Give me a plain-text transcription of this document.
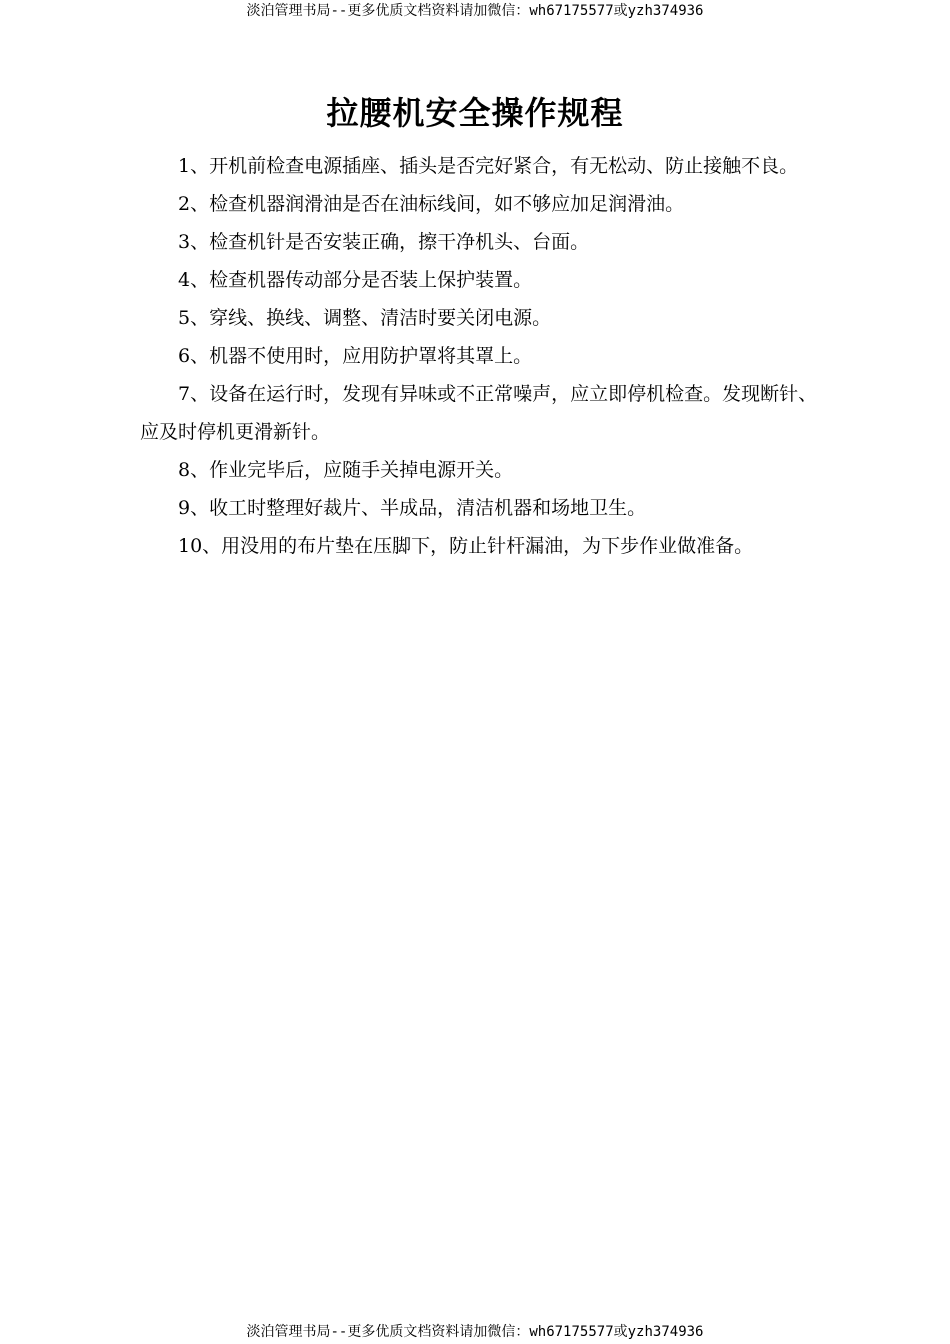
淡泊管理书局--更多优质文档资料请加微信：wh67175577或yzh374936
拉腰机安全操作规程

1、开机前检查电源插座、插头是否完好紧合，有无松动、防止接触不良。

2、检查机器润滑油是否在油标线间，如不够应加足润滑油。

3、检查机针是否安装正确，擦干净机头、台面。

4、检查机器传动部分是否装上保护装置。

5、穿线、换线、调整、清洁时要关闭电源。

6、机器不使用时，应用防护罩将其罩上。

7、设备在运行时，发现有异味或不正常噪声，应立即停机检查。发现断针、 应及时停机更滑新针。

8、作业完毕后，应随手关掉电源开关。

9、收工时整理好裁片、半成品，清洁机器和场地卫生。

10、用没用的布片垫在压脚下，防止针杆漏油，为下步作业做准备。

淡泊管理书局--更多优质文档资料请加微信：wh67175577或yzh374936
